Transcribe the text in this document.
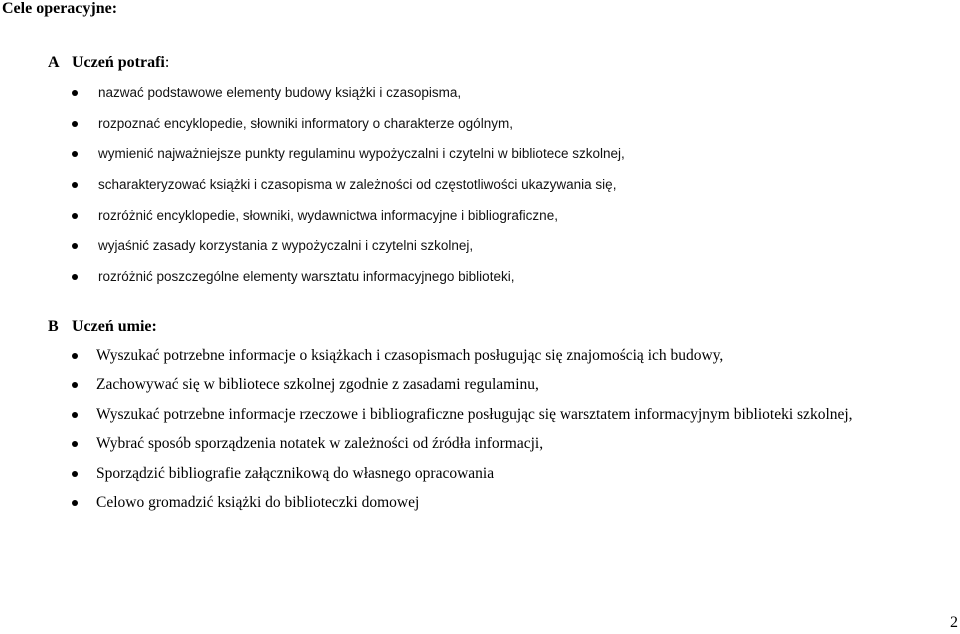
Cele operacyjne:
A Uczeń potrafi:
nazwać podstawowe elementy budowy książki i czasopisma,
rozpoznać encyklopedie, słowniki informatory o charakterze ogólnym,
wymienić najważniejsze punkty regulaminu wypożyczalni i czytelni w bibliotece szkolnej,
scharakteryzować książki i czasopisma w zależności od częstotliwości ukazywania się,
rozróżnić encyklopedie, słowniki, wydawnictwa informacyjne i bibliograficzne,
wyjaśnić zasady korzystania z wypożyczalni i czytelni szkolnej,
rozróżnić poszczególne elementy warsztatu informacyjnego biblioteki,
B Uczeń umie:
Wyszukać potrzebne informacje o książkach i czasopismach posługując się znajomością ich budowy,
Zachowywać się w bibliotece szkolnej zgodnie z zasadami regulaminu,
Wyszukać potrzebne informacje rzeczowe i bibliograficzne posługując się warsztatem informacyjnym biblioteki szkolnej,
Wybrać sposób sporządzenia notatek w zależności od źródła informacji,
Sporządzić bibliografie załącznikową do własnego opracowania
Celowo gromadzić książki do biblioteczki domowej
2
